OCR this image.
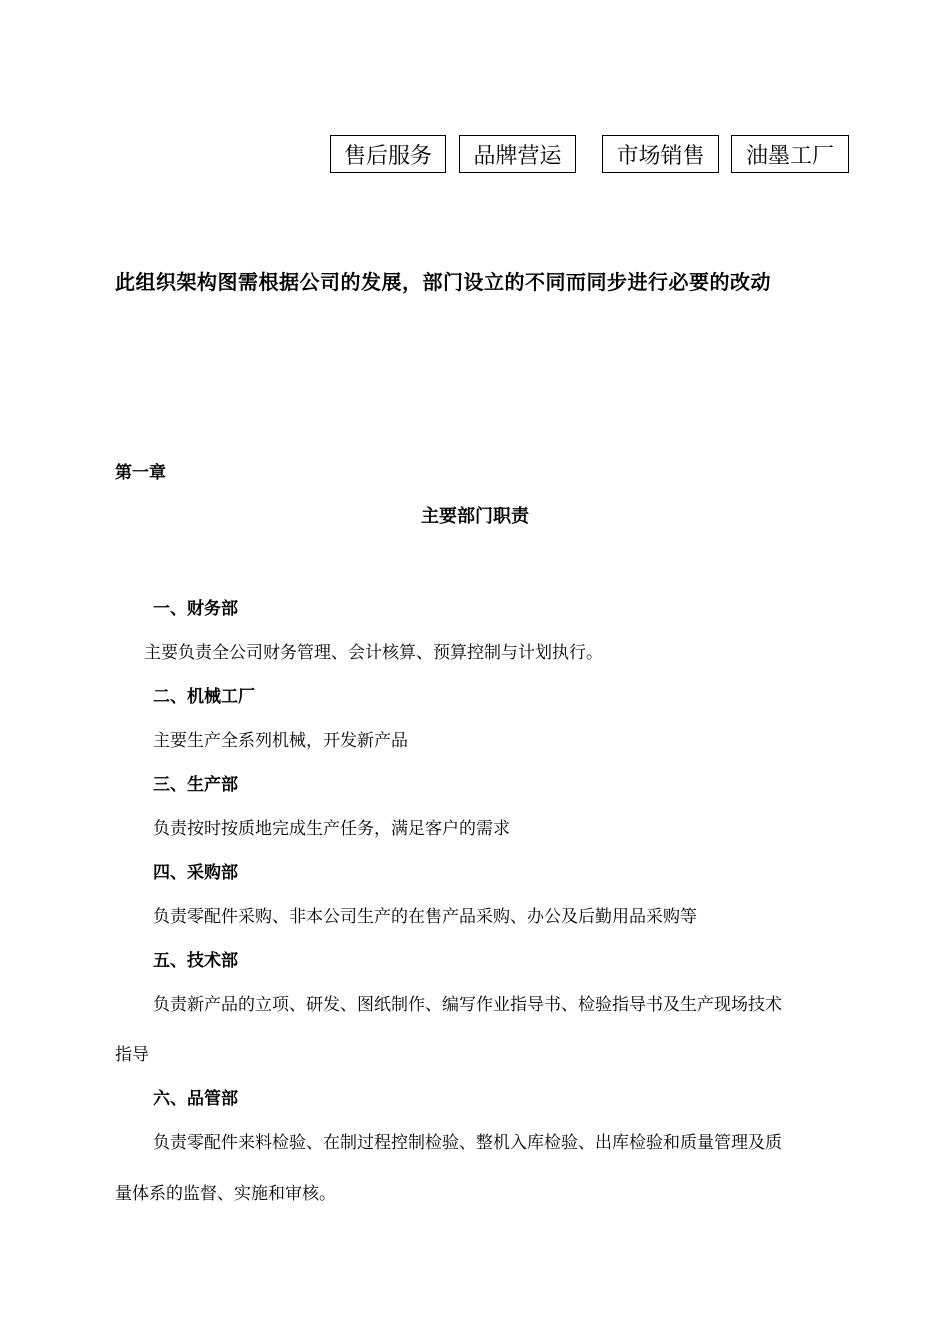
售后服务	品牌营运	市场销售	油墨工厂
此组织架构图需根据公司的发展，部门设立的不同而同步进行必要的改动
第一章
主要部门职责
一、财务部
主要负责全公司财务管理、会计核算、预算控制与计划执行。
二、机械工厂
主要生产全系列机械，开发新产品
三、生产部
负责按时按质地完成生产任务，满足客户的需求
四、采购部
负责零配件采购、非本公司生产的在售产品采购、办公及后勤用品采购等
五、技术部
负责新产品的立项、研发、图纸制作、编写作业指导书、检验指导书及生产现场技术
指导
六、品管部
负责零配件来料检验、在制过程控制检验、整机入库检验、出库检验和质量管理及质
量体系的监督、实施和审核。
